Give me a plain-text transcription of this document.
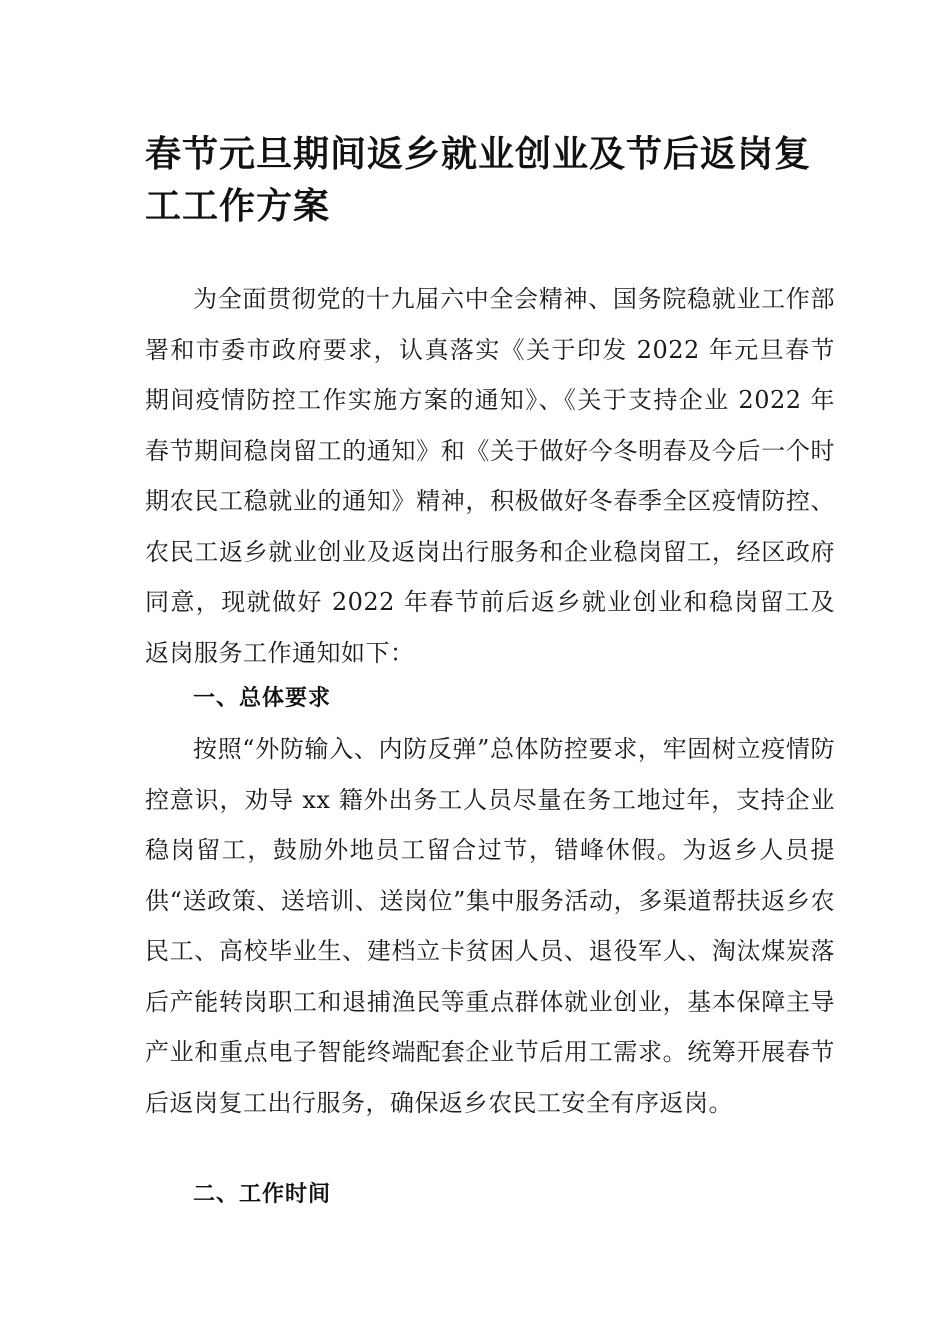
春节元旦期间返乡就业创业及节后返岗复工工作方案

为全面贯彻党的十九届六中全会精神、国务院稳就业工作部署和市委市政府要求，认真落实《关于印发 2022 年元旦春节期间疫情防控工作实施方案的通知》、《关于支持企业 2022 年春节期间稳岗留工的通知》和《关于做好今冬明春及今后一个时期农民工稳就业的通知》精神，积极做好冬春季全区疫情防控、农民工返乡就业创业及返岗出行服务和企业稳岗留工，经区政府同意，现就做好 2022 年春节前后返乡就业创业和稳岗留工及返岗服务工作通知如下：

一、总体要求

按照“外防输入、内防反弹”总体防控要求，牢固树立疫情防控意识，劝导 xx 籍外出务工人员尽量在务工地过年，支持企业稳岗留工，鼓励外地员工留合过节，错峰休假。为返乡人员提供“送政策、送培训、送岗位”集中服务活动，多渠道帮扶返乡农民工、高校毕业生、建档立卡贫困人员、退役军人、淘汰煤炭落后产能转岗职工和退捕渔民等重点群体就业创业，基本保障主导产业和重点电子智能终端配套企业节后用工需求。统筹开展春节后返岗复工出行服务，确保返乡农民工安全有序返岗。

二、工作时间
